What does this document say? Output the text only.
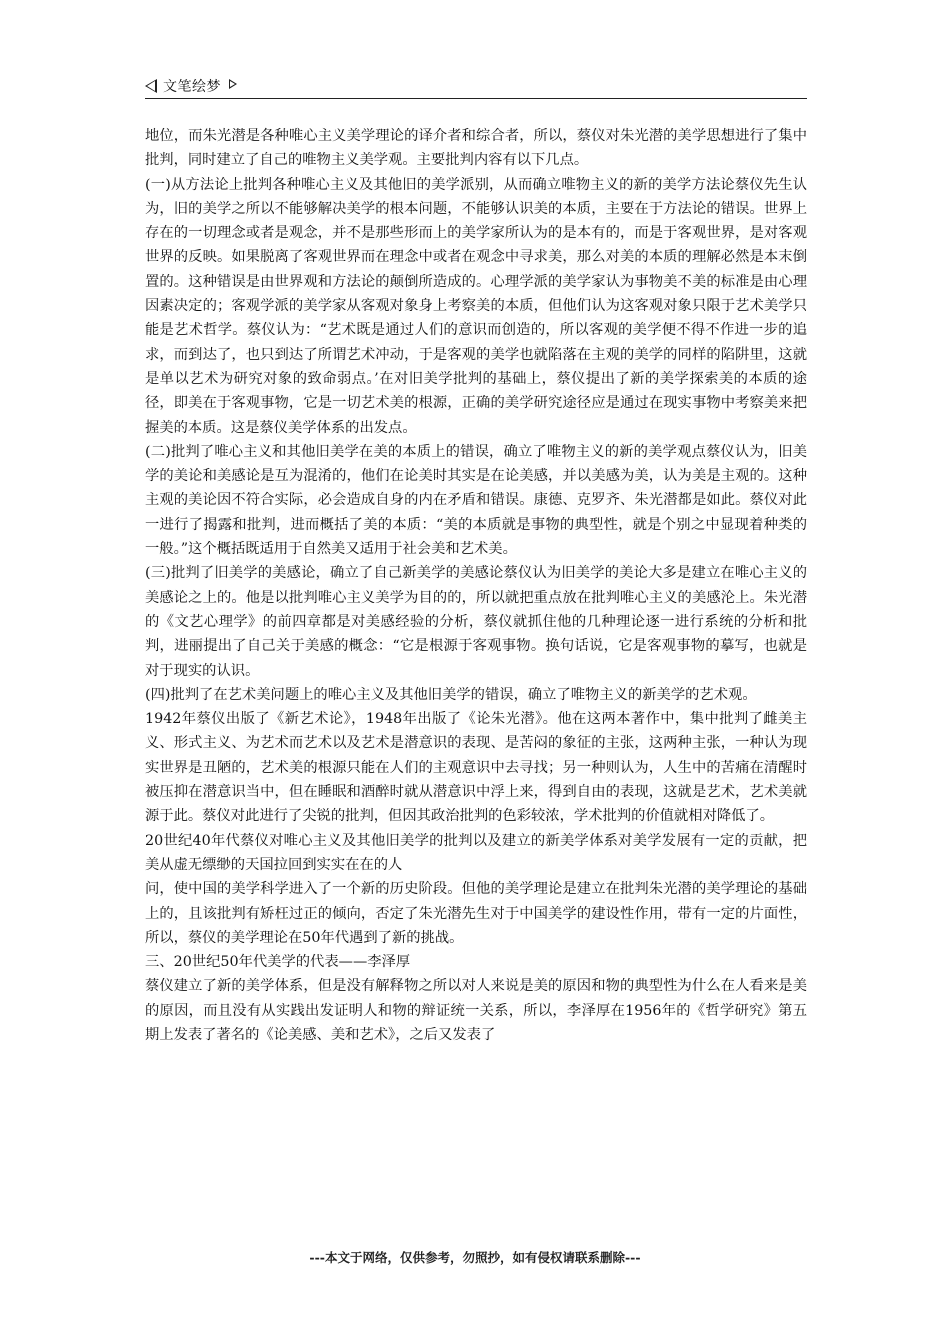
文笔绘梦

地位，而朱光潜是各种唯心主义美学理论的译介者和综合者，所以，蔡仪对朱光潜的美学思想进行了集中批判，同时建立了自己的唯物主义美学观。主要批判内容有以下几点。

(一)从方法论上批判各种唯心主义及其他旧的美学派别，从而确立唯物主义的新的美学方法论蔡仪先生认为，旧的美学之所以不能够解决美学的根本问题，不能够认识美的本质，主要在于方法论的错误。世界上存在的一切理念或者是观念，并不是那些形而上的美学家所认为的是本有的，而是于客观世界，是对客观世界的反映。如果脱离了客观世界而在理念中或者在观念中寻求美，那么对美的本质的理解必然是本末倒置的。这种错误是由世界观和方法论的颠倒所造成的。心理学派的美学家认为事物美不美的标准是由心理因素决定的；客观学派的美学家从客观对象身上考察美的本质，但他们认为这客观对象只限于艺术美学只能是艺术哲学。蔡仪认为：“艺术既是通过人们的意识而创造的，所以客观的美学便不得不作进一步的追求，而到达了，也只到达了所谓艺术冲动，于是客观的美学也就陷落在主观的美学的同样的陷阱里，这就是单以艺术为研究对象的致命弱点。’在对旧美学批判的基础上，蔡仪提出了新的美学探索美的本质的途径，即美在于客观事物，它是一切艺术美的根源，正确的美学研究途径应是通过在现实事物中考察美来把握美的本质。这是蔡仪美学体系的出发点。

(二)批判了唯心主义和其他旧美学在美的本质上的错误，确立了唯物主义的新的美学观点蔡仪认为，旧美学的美论和美感论是互为混淆的，他们在论美时其实是在论美感，并以美感为美，认为美是主观的。这种主观的美论因不符合实际，必会造成自身的内在矛盾和错误。康德、克罗齐、朱光潜都是如此。蔡仪对此一进行了揭露和批判，进而概括了美的本质：“美的本质就是事物的典型性，就是个别之中显现着种类的一般。”这个概括既适用于自然美又适用于社会美和艺术美。

(三)批判了旧美学的美感论，确立了自己新美学的美感论蔡仪认为旧美学的美论大多是建立在唯心主义的美感论之上的。他是以批判唯心主义美学为目的的，所以就把重点放在批判唯心主义的美感沦上。朱光潜的《文艺心理学》的前四章都是对美感经验的分析，蔡仪就抓住他的几种理论逐一进行系统的分析和批判，进丽提出了自己关于美感的概念：“它是根源于客观事物。换句话说，它是客观事物的摹写，也就是对于现实的认识。

(四)批判了在艺术美问题上的唯心主义及其他旧美学的错误，确立了唯物主义的新美学的艺术观。

1942年蔡仪出版了《新艺术论》，1948年出版了《论朱光潜》。他在这两本著作中，集中批判了雌美主义、形式主义、为艺术而艺术以及艺术是潜意识的表现、是苦闷的象征的主张，这两种主张，一种认为现实世界是丑陋的，艺术美的根源只能在人们的主观意识中去寻找；另一种则认为，人生中的苦痛在清醒时被压抑在潜意识当中，但在睡眠和酒醉时就从潜意识中浮上来，得到自由的表现，这就是艺术，艺术美就源于此。蔡仪对此进行了尖锐的批判，但因其政治批判的色彩较浓，学术批判的价值就相对降低了。

20世纪40年代蔡仪对唯心主义及其他旧美学的批判以及建立的新美学体系对美学发展有一定的贡献，把美从虚无缥缈的天国拉回到实实在在的人

问，使中国的美学科学进入了一个新的历史阶段。但他的美学理论是建立在批判朱光潜的美学理论的基础上的，且该批判有矫枉过正的倾向，否定了朱光潜先生对于中国美学的建设性作用，带有一定的片面性，所以，蔡仪的美学理论在50年代遇到了新的挑战。

三、20世纪50年代美学的代表——李泽厚

蔡仪建立了新的美学体系，但是没有解释物之所以对人来说是美的原因和物的典型性为什么在人看来是美的原因，而且没有从实践出发证明人和物的辩证统一关系，所以，李泽厚在1956年的《哲学研究》第五期上发表了著名的《论美感、美和艺术》，之后又发表了

---本文于网络，仅供参考，勿照抄，如有侵权请联系删除---
